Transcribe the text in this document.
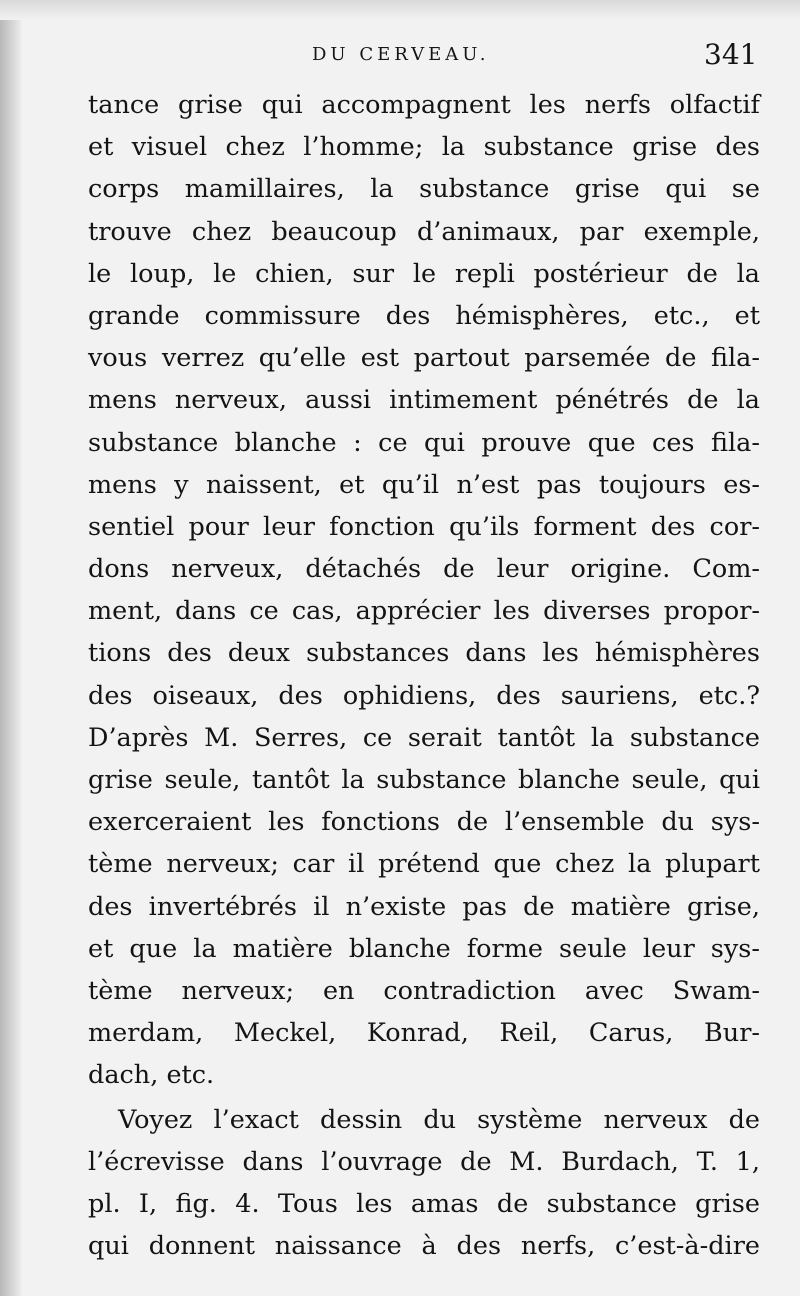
DU CERVEAU.	341
tance grise qui accompagnent les nerfs olfactif
et visuel chez l’homme; la substance grise des
corps mamillaires, la substance grise qui se
trouve chez beaucoup d’animaux, par exemple,
le loup, le chien, sur le repli postérieur de la
grande commissure des hémisphères, etc., et
vous verrez qu’elle est partout parsemée de fila-
mens nerveux, aussi intimement pénétrés de la
substance blanche : ce qui prouve que ces fila-
mens y naissent, et qu’il n’est pas toujours es-
sentiel pour leur fonction qu’ils forment des cor-
dons nerveux, détachés de leur origine. Com-
ment, dans ce cas, apprécier les diverses propor-
tions des deux substances dans les hémisphères
des oiseaux, des ophidiens, des sauriens, etc.?
D’après M. Serres, ce serait tantôt la substance
grise seule, tantôt la substance blanche seule, qui
exerceraient les fonctions de l’ensemble du sys-
tème nerveux; car il prétend que chez la plupart
des invertébrés il n’existe pas de matière grise,
et que la matière blanche forme seule leur sys-
tème nerveux; en contradiction avec Swam-
merdam, Meckel, Konrad, Reil, Carus, Bur-
dach, etc.
Voyez l’exact dessin du système nerveux de
l’écrevisse dans l’ouvrage de M. Burdach, T. 1,
pl. I, fig. 4. Tous les amas de substance grise
qui donnent naissance à des nerfs, c’est-à-dire
